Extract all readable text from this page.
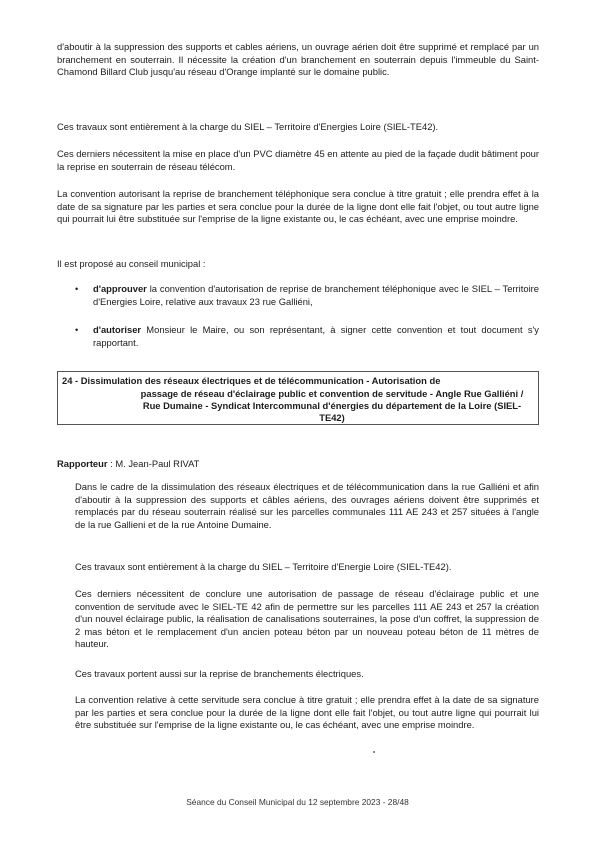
d'aboutir à la suppression des supports et cables aériens, un ouvrage aérien doit être supprimé et remplacé par un branchement en souterrain. Il nécessite la création d'un branchement en souterrain depuis l'immeuble du Saint-Chamond Billard Club jusqu'au réseau d'Orange implanté sur le domaine public.

Ces travaux sont entièrement à la charge du SIEL – Territoire d'Energies Loire (SIEL-TE42).

Ces derniers nécessitent la mise en place d'un PVC diamètre 45 en attente au pied de la façade dudit bâtiment pour la reprise en souterrain de réseau télécom.

La convention autorisant la reprise de branchement téléphonique sera conclue à titre gratuit ; elle prendra effet à la date de sa signature par les parties et sera conclue pour la durée de la ligne dont elle fait l'objet, ou tout autre ligne qui pourrait lui être substituée sur l'emprise de la ligne existante ou, le cas échéant, avec une emprise moindre.

Il est proposé au conseil municipal :

•	d'approuver la convention d'autorisation de reprise de branchement téléphonique avec le SIEL – Territoire d'Energies Loire, relative aux travaux 23 rue Galliéni,
•	d'autoriser Monsieur le Maire, ou son représentant, à signer cette convention et tout document s'y rapportant.
24 - Dissimulation des réseaux électriques et de télécommunication - Autorisation de
passage de réseau d'éclairage public et convention de servitude - Angle Rue Galliéni / Rue Dumaine - Syndicat Intercommunal d'énergies du département de la Loire (SIEL- TE42)

Rapporteur : M. Jean-Paul RIVAT

Dans le cadre de la dissimulation des réseaux électriques et de télécommunication dans la rue Galliéni et afin d'aboutir à la suppression des supports et câbles aériens, des ouvrages aériens doivent être supprimés et remplacés par du réseau souterrain réalisé sur les parcelles communales 111 AE 243 et 257 situées à l'angle de la rue Gallieni et de la rue Antoine Dumaine.

Ces travaux sont entièrement à la charge du SIEL – Territoire d'Energie Loire (SIEL-TE42).

Ces derniers nécessitent de conclure une autorisation de passage de réseau d'éclairage public et une convention de servitude avec le SIEL-TE 42 afin de permettre sur les parcelles 111 AE 243 et 257 la création d'un nouvel éclairage public, la réalisation de canalisations souterraines, la pose d'un coffret, la suppression de 2 mas béton et le remplacement d'un ancien poteau béton par un nouveau poteau béton de 11 mètres de hauteur.

Ces travaux portent aussi sur la reprise de branchements électriques.

La convention relative à cette servitude sera conclue à titre gratuit ; elle prendra effet à la date de sa signature par les parties et sera conclue pour la durée de la ligne dont elle fait l'objet, ou tout autre ligne qui pourrait lui être substituée sur l'emprise de la ligne existante ou, le cas échéant, avec une emprise moindre.

Séance du Conseil Municipal du 12 septembre 2023 - 28/48
